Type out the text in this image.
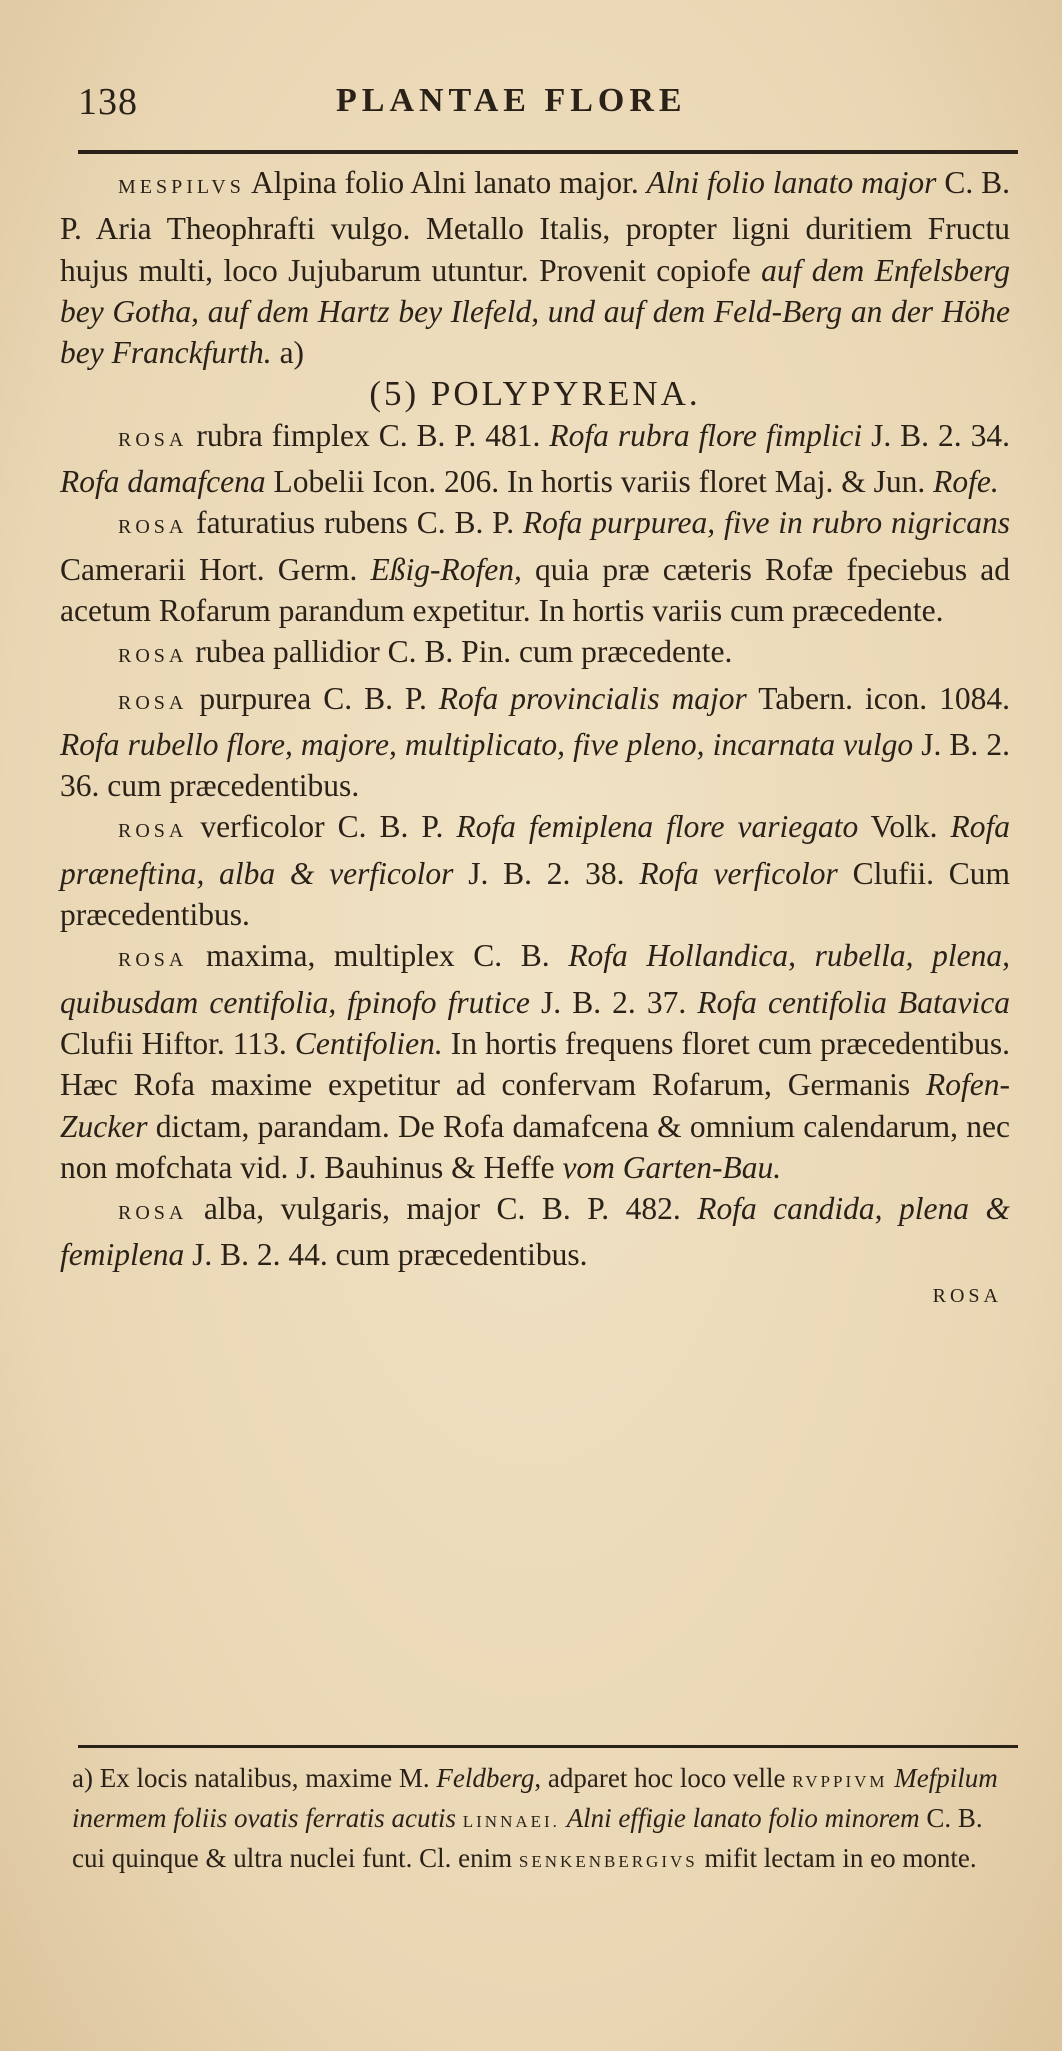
138	PLANTAE FLORE

MESPILVS Alpina folio Alni lanato major. Alni folio lanato major C. B. P. Aria Theophrafti vulgo. Metallo Italis, propter ligni duritiem Fructu hujus multi, loco Jujubarum utuntur. Provenit copiofe auf dem Enfelsberg bey Gotha, auf dem Hartz bey Ilefeld, und auf dem Feld-Berg an der Höhe bey Franckfurth. a)

(5) POLYPYRENA.

ROSA rubra fimplex C. B. P. 481. Rofa rubra flore fimplici J. B. 2. 34. Rofa damafcena Lobelii Icon. 206. In hortis variis floret Maj. & Jun. Rofe.

ROSA faturatius rubens C. B. P. Rofa purpurea, five in rubro nigricans Camerarii Hort. Germ. Eßig-Rofen, quia præ cæteris Rofæ fpeciebus ad acetum Rofarum parandum expetitur. In hortis variis cum præcedente.

ROSA rubea pallidior C. B. Pin. cum præcedente.

ROSA purpurea C. B. P. Rofa provincialis major Tabern. icon. 1084. Rofa rubello flore, majore, multiplicato, five pleno, incarnata vulgo J. B. 2. 36. cum præcedentibus.

ROSA verficolor C. B. P. Rofa femiplena flore variegato Volk. Rofa præneftina, alba & verficolor J. B. 2. 38. Rofa verficolor Clufii. Cum præcedentibus.

ROSA maxima, multiplex C. B. Rofa Hollandica, rubella, plena, quibusdam centifolia, fpinofo frutice J. B. 2. 37. Rofa centifolia Batavica Clufii Hiftor. 113. Centifolien. In hortis frequens floret cum præcedentibus. Hæc Rofa maxime expetitur ad confervam Rofarum, Germanis Rofen-Zucker dictam, parandam. De Rofa damafcena & omnium calendarum, nec non mofchata vid. J. Bauhinus & Heffe vom Garten-Bau.

ROSA alba, vulgaris, major C. B. P. 482. Rofa candida, plena & femiplena J. B. 2. 44. cum præcedentibus.

ROSA

a) Ex locis natalibus, maxime M. Feldberg, adparet hoc loco velle RVPPIVM Mefpilum inermem foliis ovatis ferratis acutis LINNAEI. Alni effigie lanato folio minorem C. B. cui quinque & ultra nuclei funt. Cl. enim SENKENBERGIVS mifit lectam in eo monte.
